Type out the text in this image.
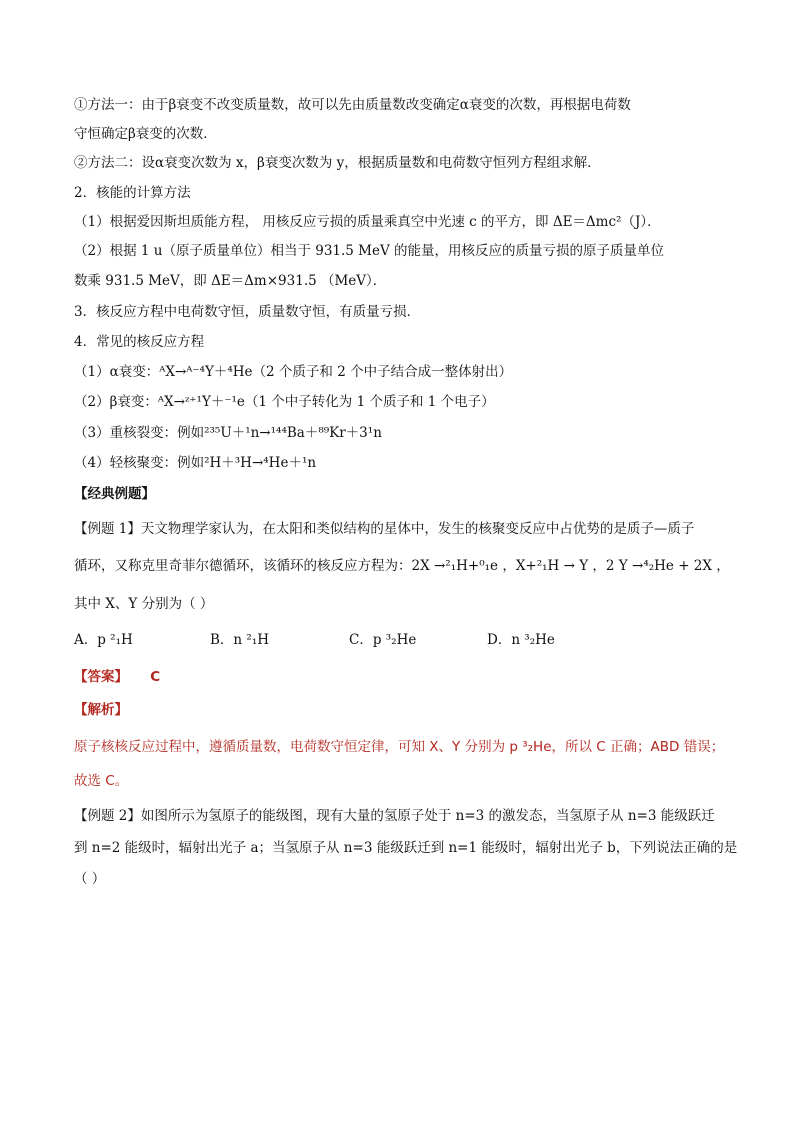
①方法一：由于β衰变不改变质量数，故可以先由质量数改变确定α衰变的次数，再根据电荷数
守恒确定β衰变的次数．
②方法二：设α衰变次数为 x，β衰变次数为 y，根据质量数和电荷数守恒列方程组求解．
2．核能的计算方法
（1）根据爱因斯坦质能方程， 用核反应亏损的质量乘真空中光速 c 的平方，即 ΔE＝Δmc²（J）．
（2）根据 1 u（原子质量单位）相当于 931.5 MeV 的能量，用核反应的质量亏损的原子质量单位
数乘 931.5 MeV，即 ΔE＝Δm×931.5 （MeV）．
3．核反应方程中电荷数守恒，质量数守恒，有质量亏损．
4．常见的核反应方程
（1）α衰变：ᴬX→ᴬ⁻⁴Y＋⁴He（2 个质子和 2 个中子结合成一整体射出）
（2）β衰变：ᴬX→ᶻ⁺¹Y＋⁻¹e（1 个中子转化为 1 个质子和 1 个电子）
（3）重核裂变：例如²³⁵U＋¹n→¹⁴⁴Ba＋⁸⁹Kr＋3¹n
（4）轻核聚变：例如²H＋³H→⁴He＋¹n
【经典例题】
【例题 1】天文物理学家认为，在太阳和类似结构的星体中，发生的核聚变反应中占优势的是质子—质子
循环，又称克里奇菲尔德循环，该循环的核反应方程为：2X →²₁H+⁰₁e ，X+²₁H → Y ，2 Y →⁴₂He + 2X ，
其中 X、Y 分别为（ ）
A．p ²₁H	B．n ²₁H	C．p ³₂He	D．n ³₂He
【答案】 C
【解析】
原子核核反应过程中，遵循质量数，电荷数守恒定律，可知 X、Y 分别为 p ³₂He，所以 C 正确；ABD 错误；
故选 C。
【例题 2】如图所示为氢原子的能级图，现有大量的氢原子处于 n=3 的激发态，当氢原子从 n=3 能级跃迁
到 n=2 能级时，辐射出光子 a；当氢原子从 n=3 能级跃迁到 n=1 能级时，辐射出光子 b，下列说法正确的是
（ ）
